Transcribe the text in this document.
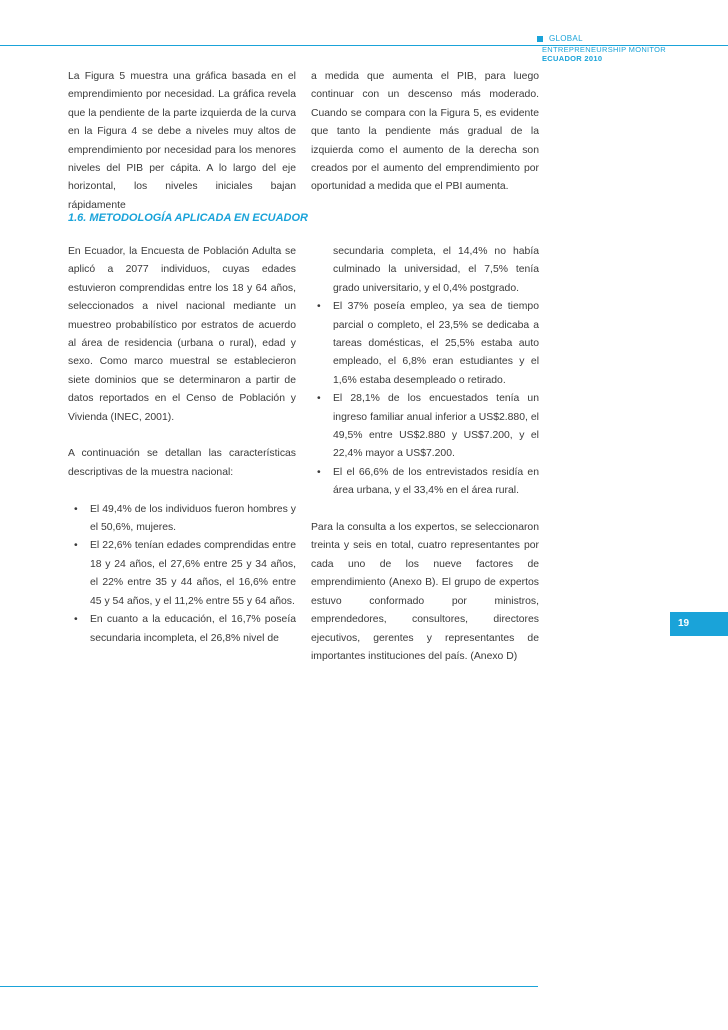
GLOBAL
ENTREPRENEURSHIP MONITOR
ECUADOR 2010

La Figura 5 muestra una gráfica basada en el emprendimiento por necesidad. La gráfica revela que la pendiente de la parte izquierda de la curva en la Figura 4 se debe a niveles muy altos de emprendimiento por necesidad para los menores niveles del PIB per cápita. A lo largo del eje horizontal, los niveles iniciales bajan rápidamente

a medida que aumenta el PIB, para luego continuar con un descenso más moderado. Cuando se compara con la Figura 5, es evidente que tanto la pendiente más gradual de la izquierda como el aumento de la derecha son creados por el aumento del emprendimiento por oportunidad a medida que el PBI aumenta.

1.6. METODOLOGÍA APLICADA EN ECUADOR

En Ecuador, la Encuesta de Población Adulta se aplicó a 2077 individuos, cuyas edades estuvieron comprendidas entre los 18 y 64 años, seleccionados a nivel nacional mediante un muestreo probabilístico por estratos de acuerdo al área de residencia (urbana o rural), edad y sexo. Como marco muestral se establecieron siete dominios que se determinaron a partir de datos reportados en el Censo de Población y Vivienda (INEC, 2001).

A continuación se detallan las características descriptivas de la muestra nacional:

• El 49,4% de los individuos fueron hombres y el 50,6%, mujeres.
• El 22,6% tenían edades comprendidas entre 18 y 24 años, el 27,6% entre 25 y 34 años, el 22% entre 35 y 44 años, el 16,6% entre 45 y 54 años, y el 11,2% entre 55 y 64 años.
• En cuanto a la educación, el 16,7% poseía secundaria incompleta, el 26,8% nivel de

secundaria completa, el 14,4% no había culminado la universidad, el 7,5% tenía grado universitario, y el 0,4% postgrado.

• El 37% poseía empleo, ya sea de tiempo parcial o completo, el 23,5% se dedicaba a tareas domésticas, el 25,5% estaba auto empleado, el 6,8% eran estudiantes y el 1,6% estaba desempleado o retirado.
• El 28,1% de los encuestados tenía un ingreso familiar anual inferior a US$2.880, el 49,5% entre US$2.880 y US$7.200, y el 22,4% mayor a US$7.200.
• El el 66,6% de los entrevistados residía en área urbana, y el 33,4% en el área rural.

Para la consulta a los expertos, se seleccionaron treinta y seis en total, cuatro representantes por cada uno de los nueve factores de emprendimiento (Anexo B). El grupo de expertos estuvo conformado por ministros, emprendedores, consultores, directores ejecutivos, gerentes y representantes de importantes instituciones del país. (Anexo D)

19
